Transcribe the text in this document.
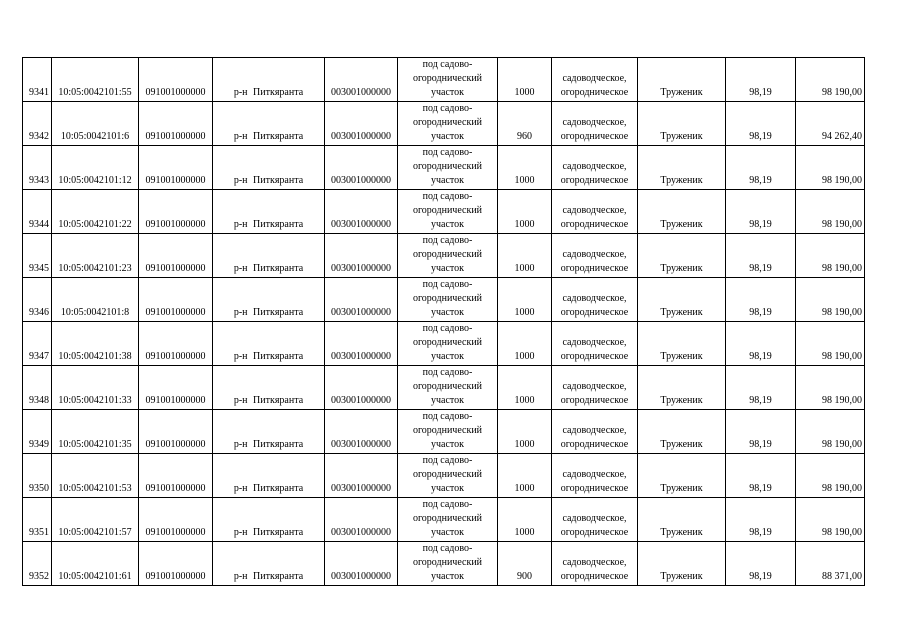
9341	10:05:0042101:55	091001000000	р-н Питкяранта	003001000000	под садово-
огороднический
участок	1000	садоводческое,
огородническое	Труженик	98,19	98 190,00
9342	10:05:0042101:6	091001000000	р-н Питкяранта	003001000000	под садово-
огороднический
участок	960	садоводческое,
огородническое	Труженик	98,19	94 262,40
9343	10:05:0042101:12	091001000000	р-н Питкяранта	003001000000	под садово-
огороднический
участок	1000	садоводческое,
огородническое	Труженик	98,19	98 190,00
9344	10:05:0042101:22	091001000000	р-н Питкяранта	003001000000	под садово-
огороднический
участок	1000	садоводческое,
огородническое	Труженик	98,19	98 190,00
9345	10:05:0042101:23	091001000000	р-н Питкяранта	003001000000	под садово-
огороднический
участок	1000	садоводческое,
огородническое	Труженик	98,19	98 190,00
9346	10:05:0042101:8	091001000000	р-н Питкяранта	003001000000	под садово-
огороднический
участок	1000	садоводческое,
огородническое	Труженик	98,19	98 190,00
9347	10:05:0042101:38	091001000000	р-н Питкяранта	003001000000	под садово-
огороднический
участок	1000	садоводческое,
огородническое	Труженик	98,19	98 190,00
9348	10:05:0042101:33	091001000000	р-н Питкяранта	003001000000	под садово-
огороднический
участок	1000	садоводческое,
огородническое	Труженик	98,19	98 190,00
9349	10:05:0042101:35	091001000000	р-н Питкяранта	003001000000	под садово-
огороднический
участок	1000	садоводческое,
огородническое	Труженик	98,19	98 190,00
9350	10:05:0042101:53	091001000000	р-н Питкяранта	003001000000	под садово-
огороднический
участок	1000	садоводческое,
огородническое	Труженик	98,19	98 190,00
9351	10:05:0042101:57	091001000000	р-н Питкяранта	003001000000	под садово-
огороднический
участок	1000	садоводческое,
огородническое	Труженик	98,19	98 190,00
9352	10:05:0042101:61	091001000000	р-н Питкяранта	003001000000	под садово-
огороднический
участок	900	садоводческое,
огородническое	Труженик	98,19	88 371,00
